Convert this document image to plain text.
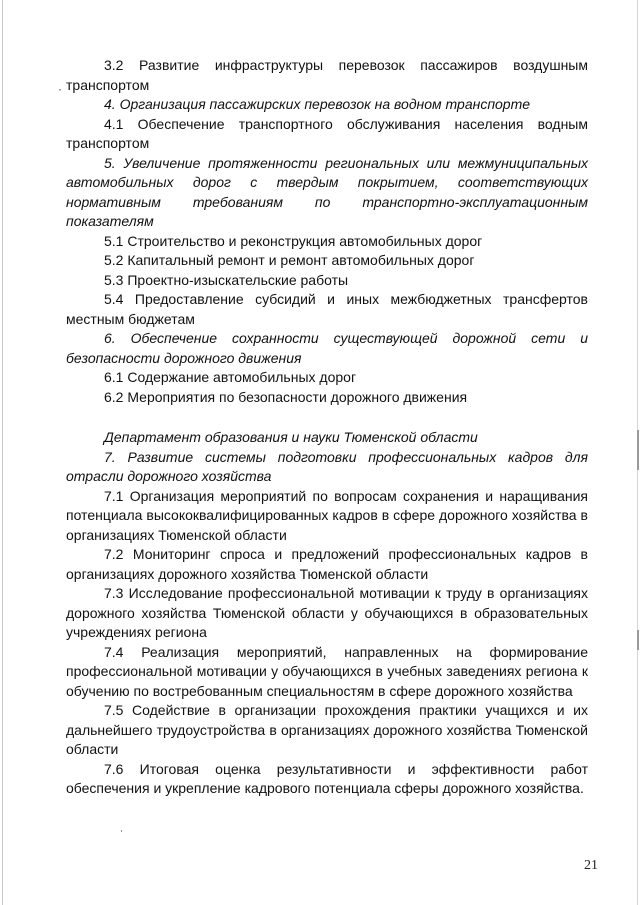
·

3.2 Развитие инфраструктуры перевозок пассажиров воздушным транспортом

4. Организация пассажирских перевозок на водном транспорте

4.1 Обеспечение транспортного обслуживания населения водным транспортом

5. Увеличение протяженности региональных или межмуниципальных автомобильных дорог с твердым покрытием, соответствующих нормативным требованиям по транспортно-эксплуатационным показателям

5.1 Строительство и реконструкция автомобильных дорог

5.2 Капитальный ремонт и ремонт автомобильных дорог

5.3 Проектно-изыскательские работы

5.4 Предоставление субсидий и иных межбюджетных трансфертов местным бюджетам

6. Обеспечение сохранности существующей дорожной сети и безопасности дорожного движения

6.1 Содержание автомобильных дорог

6.2 Мероприятия по безопасности дорожного движения

Департамент образования и науки Тюменской области

7. Развитие системы подготовки профессиональных кадров для отрасли дорожного хозяйства

7.1 Организация мероприятий по вопросам сохранения и наращивания потенциала высококвалифицированных кадров в сфере дорожного хозяйства в организациях Тюменской области

7.2 Мониторинг спроса и предложений профессиональных кадров в организациях дорожного хозяйства Тюменской области

7.3 Исследование профессиональной мотивации к труду в организациях дорожного хозяйства Тюменской области у обучающихся в образовательных учреждениях региона

7.4 Реализация мероприятий, направленных на формирование профессиональной мотивации у обучающихся в учебных заведениях региона к обучению по востребованным специальностям в сфере дорожного хозяйства

7.5 Содействие в организации прохождения практики учащихся и их дальнейшего трудоустройства в организациях дорожного хозяйства Тюменской области

7.6 Итоговая оценка результативности и эффективности работ обеспечения и укрепление кадрового потенциала сферы дорожного хозяйства.

21
